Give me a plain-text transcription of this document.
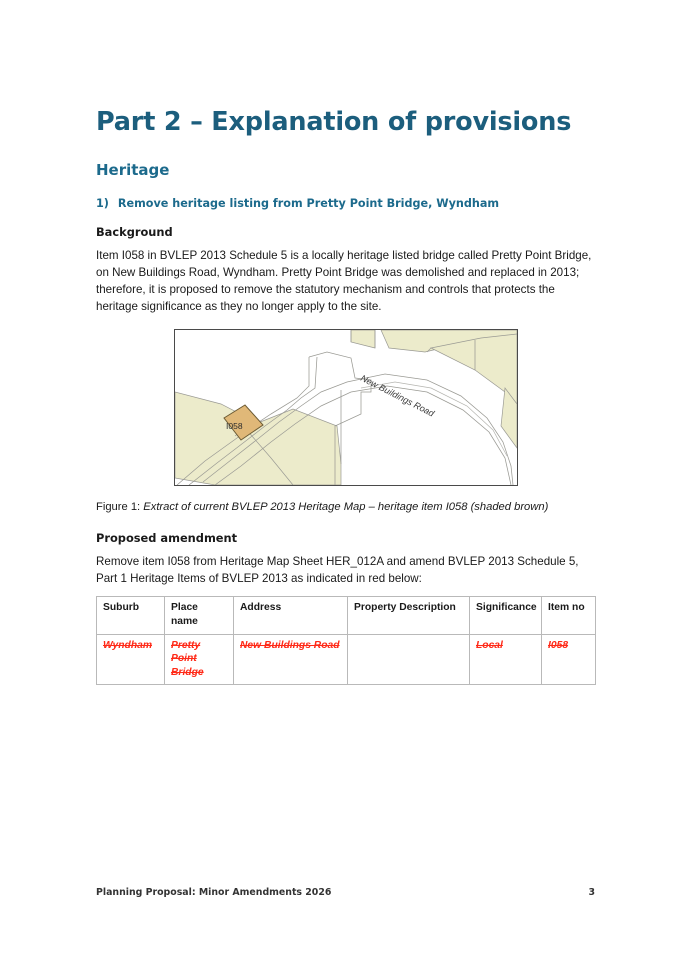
Part 2 – Explanation of provisions
Heritage
1) Remove heritage listing from Pretty Point Bridge, Wyndham
Background

Item I058 in BVLEP 2013 Schedule 5 is a locally heritage listed bridge called Pretty Point Bridge, on New Buildings Road, Wyndham. Pretty Point Bridge was demolished and replaced in 2013; therefore, it is proposed to remove the statutory mechanism and controls that protects the heritage significance as they no longer apply to the site.

I058
New Buildings Road

Figure 1: Extract of current BVLEP 2013 Heritage Map – heritage item I058 (shaded brown)

Proposed amendment

Remove item I058 from Heritage Map Sheet HER_012A and amend BVLEP 2013 Schedule 5, Part 1 Heritage Items of BVLEP 2013 as indicated in red below:

Suburb	Place name	Address	Property Description	Significance	Item no
Wyndham	Pretty Point Bridge	New Buildings Road		Local	I058
Planning Proposal: Minor Amendments 2026	3
